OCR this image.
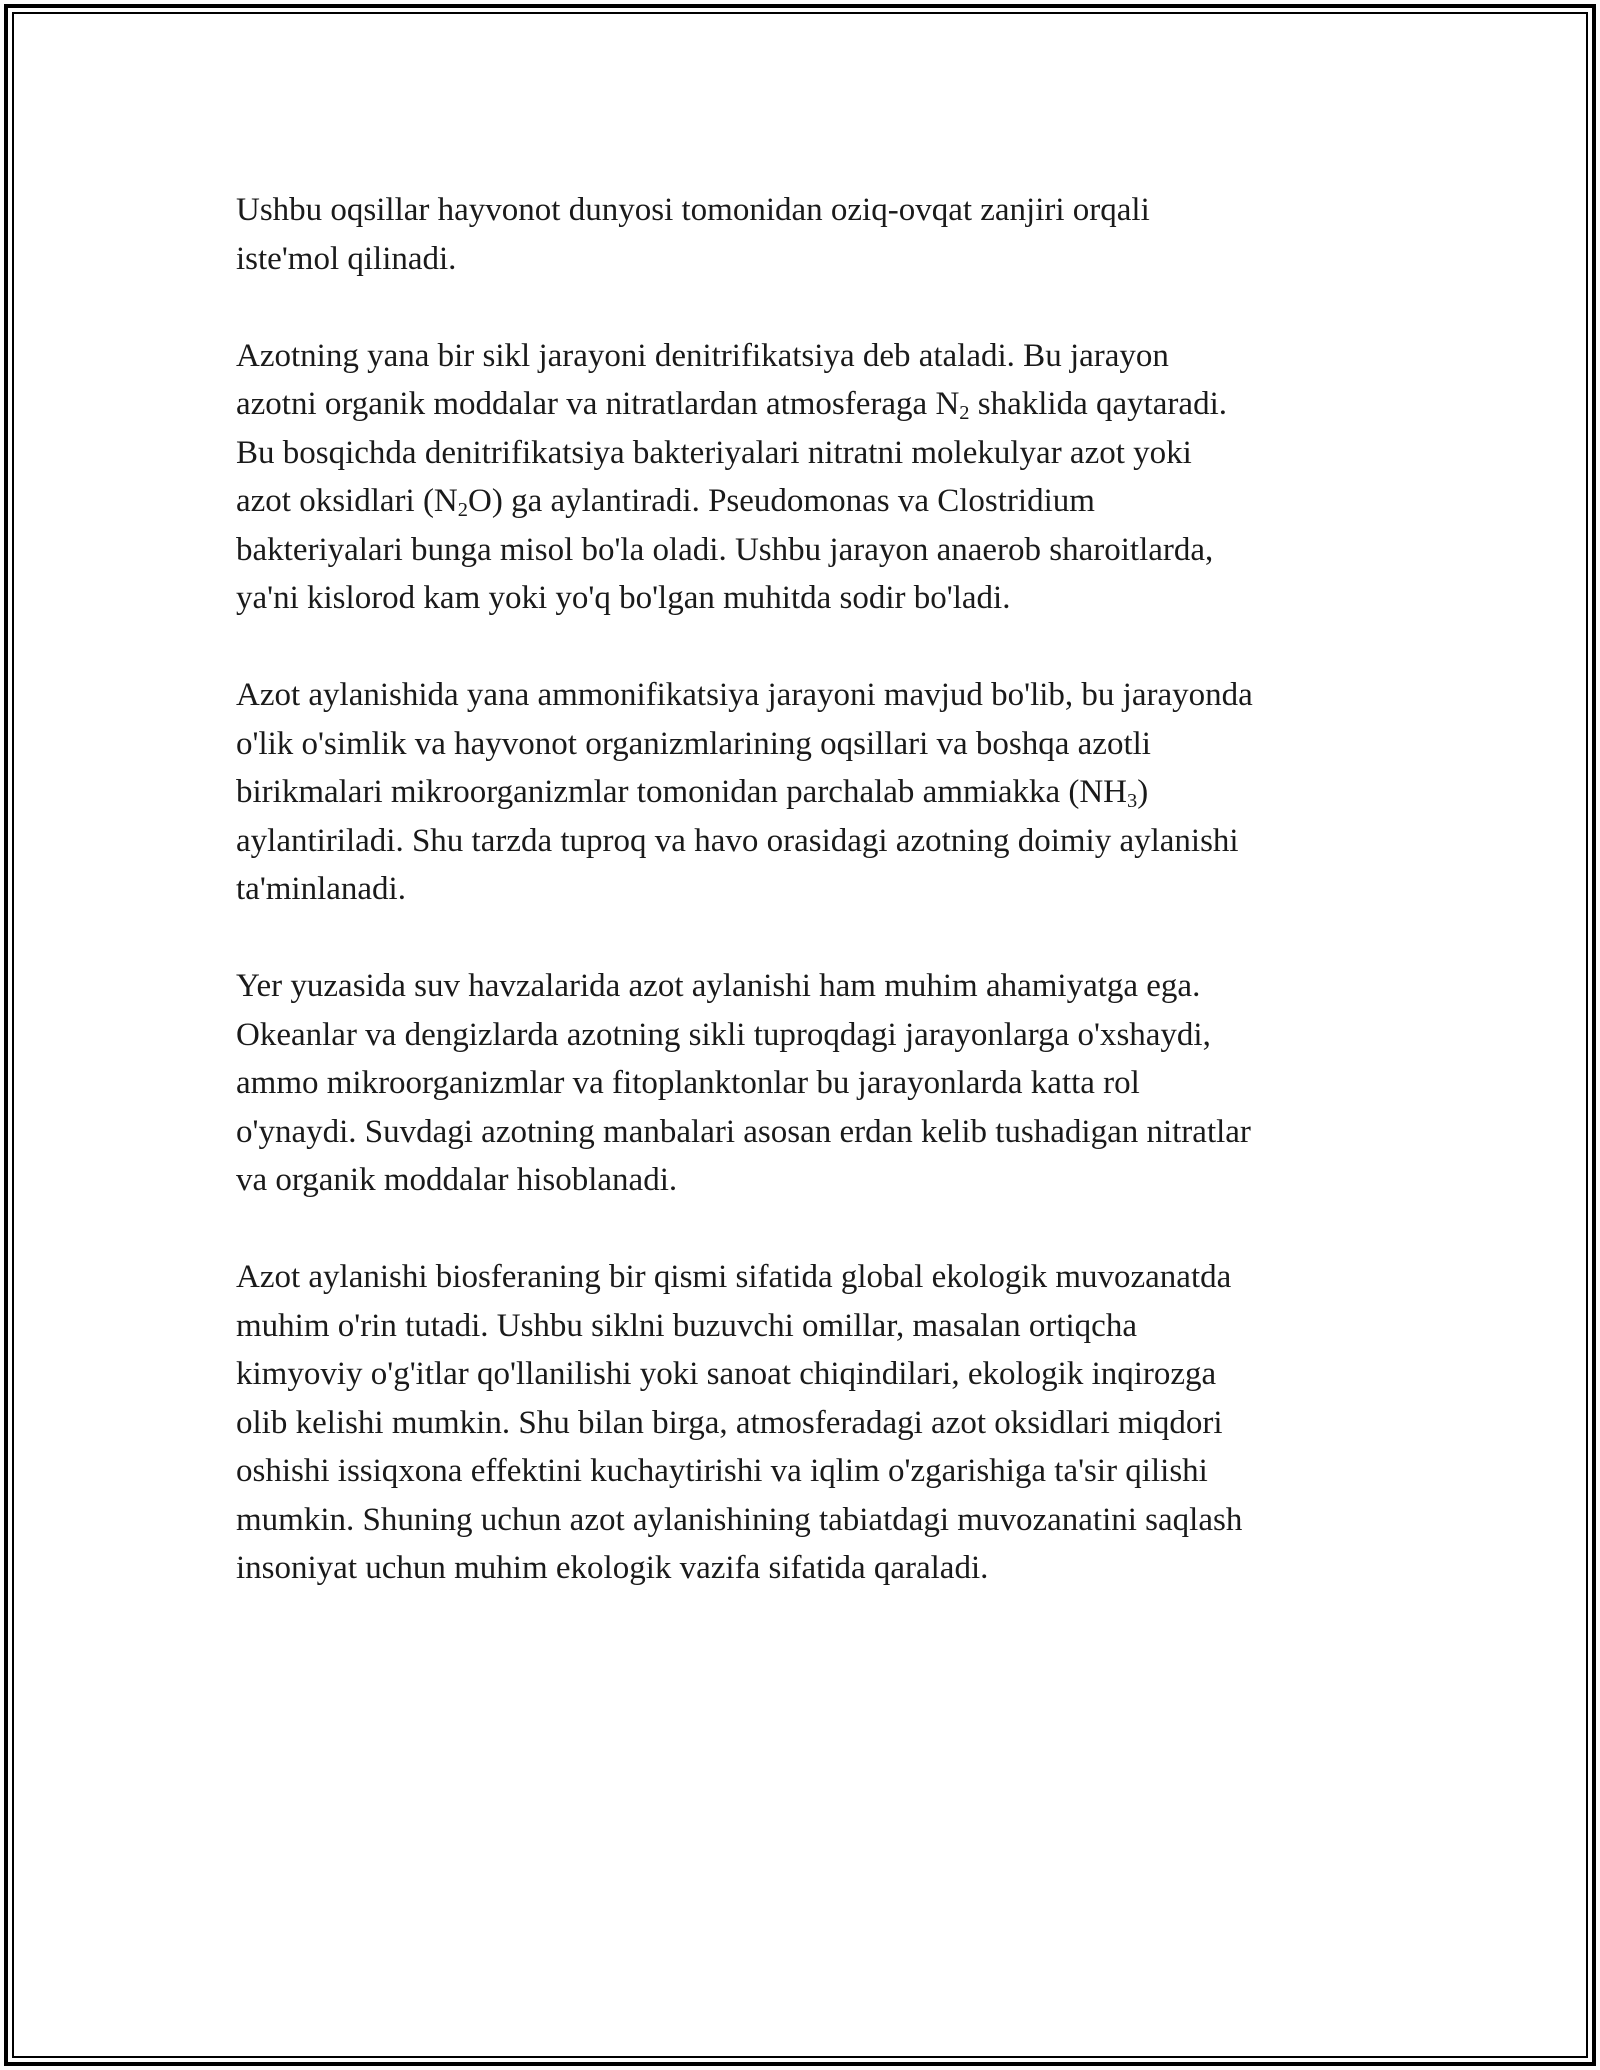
Ushbu oqsillar hayvonot dunyosi tomonidan oziq-ovqat zanjiri orqali
iste'mol qilinadi.

Azotning yana bir sikl jarayoni denitrifikatsiya deb ataladi. Bu jarayon
azotni organik moddalar va nitratlardan atmosferaga $N_2$ shaklida qaytaradi.
Bu bosqichda denitrifikatsiya bakteriyalari nitratni molekulyar azot yoki
azot oksidlari $(N_2O)$ ga aylantiradi. Pseudomonas va Clostridium
bakteriyalari bunga misol bo'la oladi. Ushbu jarayon anaerob sharoitlarda,
ya'ni kislorod kam yoki yo'q bo'lgan muhitda sodir bo'ladi.

Azot aylanishida yana ammonifikatsiya jarayoni mavjud bo'lib, bu jarayonda
o'lik o'simlik va hayvonot organizmlarining oqsillari va boshqa azotli
birikmalari mikroorganizmlar tomonidan parchalab ammiakka $(NH_3)$
aylantiriladi. Shu tarzda tuproq va havo orasidagi azotning doimiy aylanishi
ta'minlanadi.

Yer yuzasida suv havzalarida azot aylanishi ham muhim ahamiyatga ega.
Okeanlar va dengizlarda azotning sikli tuproqdagi jarayonlarga o'xshaydi,
ammo mikroorganizmlar va fitoplanktonlar bu jarayonlarda katta rol
o'ynaydi. Suvdagi azotning manbalari asosan erdan kelib tushadigan nitratlar
va organik moddalar hisoblanadi.

Azot aylanishi biosferaning bir qismi sifatida global ekologik muvozanatda
muhim o'rin tutadi. Ushbu siklni buzuvchi omillar, masalan ortiqcha
kimyoviy o'g'itlar qo'llanilishi yoki sanoat chiqindilari, ekologik inqirozga
olib kelishi mumkin. Shu bilan birga, atmosferadagi azot oksidlari miqdori
oshishi issiqxona effektini kuchaytirishi va iqlim o'zgarishiga ta'sir qilishi
mumkin. Shuning uchun azot aylanishining tabiatdagi muvozanatini saqlash
insoniyat uchun muhim ekologik vazifa sifatida qaraladi.
